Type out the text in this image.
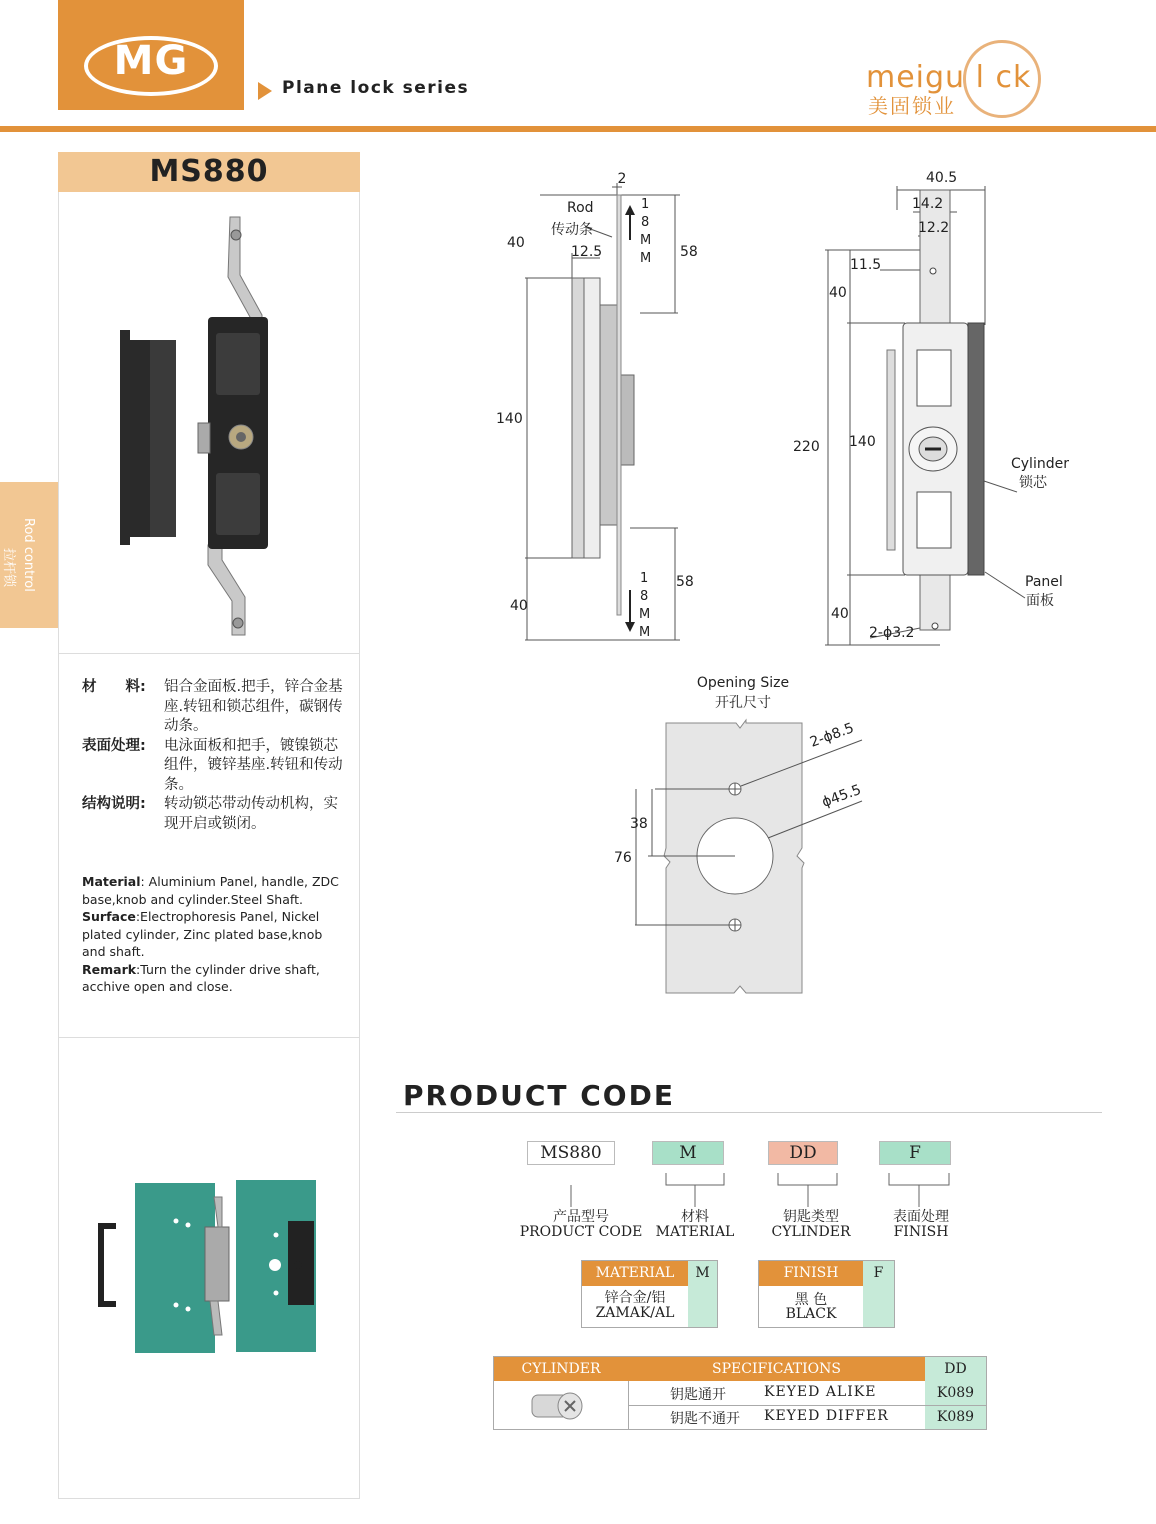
MG
Plane lock series	meigu l ck
美固锁业
拉杆锁 Rod control
MS880
材　　料:	铝合金面板.把手，锌合金基座.转钮和锁芯组件，碳钢传动条。
表面处理:	电泳面板和把手，镀镍锁芯组件，镀锌基座.转钮和传动条。
结构说明:	转动锁芯带动传动机构，实现开启或锁闭。
Material: Aluminium Panel, handle, ZDC base,knob and cylinder.Steel Shaft.
Surface:Electrophoresis Panel, Nickel plated cylinder, Zinc plated base,knob and shaft.
Remark:Turn the cylinder drive shaft, acchive open and close.
2
Rod
传动条
12.5
40
58
140
40
58
1
8
M
M
1
8
M
M
40.5
14.2
12.2
11.5
40
220 140
40
2-ϕ3.2
Cylinder
锁芯
Panel
面板
Opening Size
开孔尺寸
2-ϕ8.5
ϕ45.5
38
76
PRODUCT CODE
MS880	M	DD	F
产品型号
PRODUCT CODE
材料
MATERIAL
钥匙类型
CYLINDER
表面处理
FINISH
MATERIAL	M
锌合金/铝
ZAMAK/AL
FINISH	F
黑 色
BLACK
CYLINDER	SPECIFICATIONS	DD
钥匙通开	KEYED ALIKE	K089
钥匙不通开 KEYED DIFFER	K089
